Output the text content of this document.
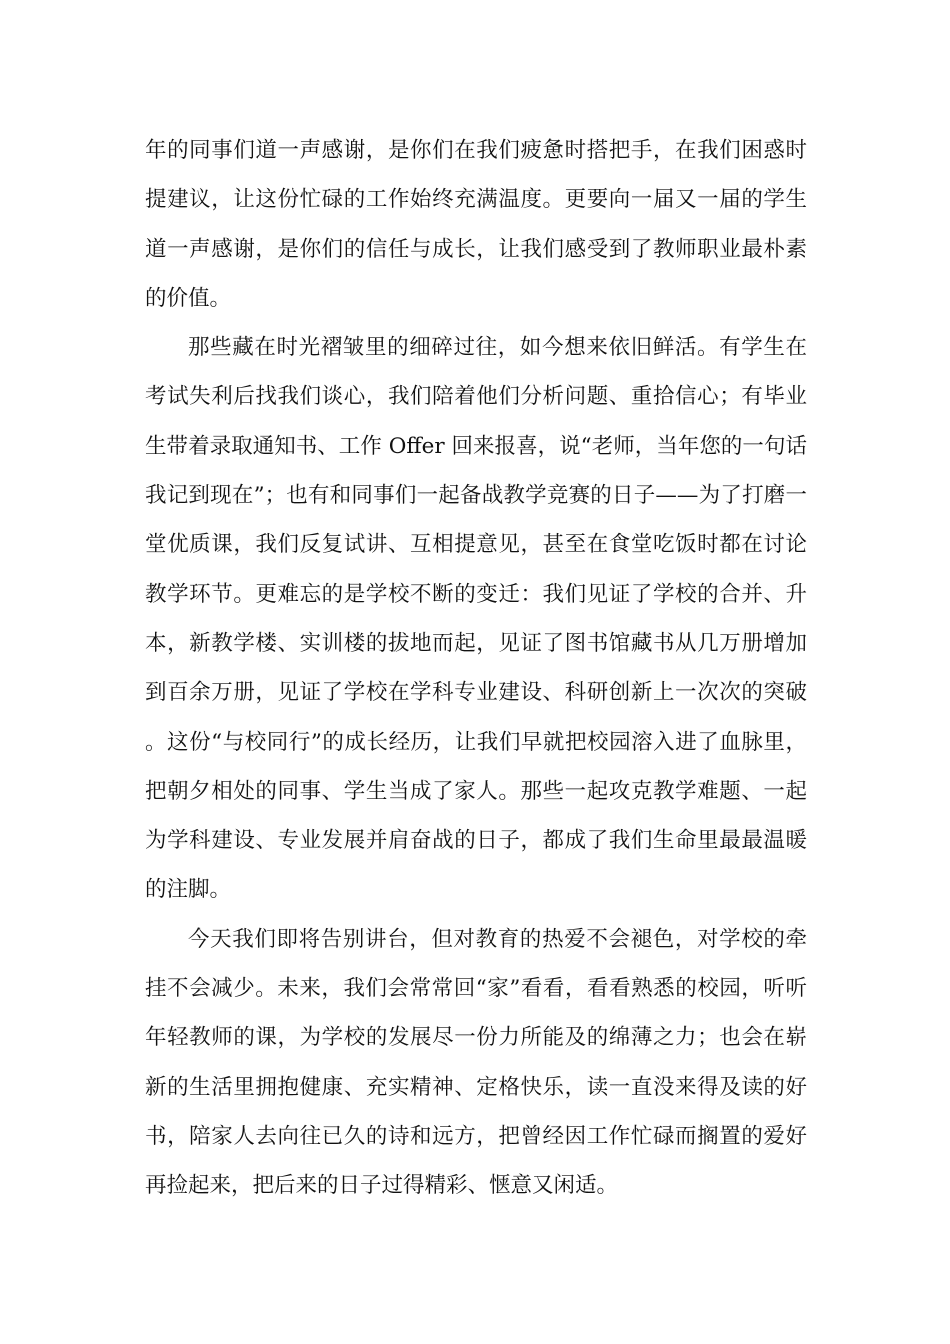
年的同事们道一声感谢，是你们在我们疲惫时搭把手，在我们困惑时提建议，让这份忙碌的工作始终充满温度。更要向一届又一届的学生道一声感谢，是你们的信任与成长，让我们感受到了教师职业最朴素的价值。

那些藏在时光褶皱里的细碎过往，如今想来依旧鲜活。有学生在考试失利后找我们谈心，我们陪着他们分析问题、重拾信心；有毕业生带着录取通知书、工作 Offer 回来报喜，说“老师，当年您的一句话我记到现在”；也有和同事们一起备战教学竞赛的日子——为了打磨一堂优质课，我们反复试讲、互相提意见，甚至在食堂吃饭时都在讨论教学环节。更难忘的是学校不断的变迁：我们见证了学校的合并、升本，新教学楼、实训楼的拔地而起，见证了图书馆藏书从几万册增加到百余万册，见证了学校在学科专业建设、科研创新上一次次的突破。这份“与校同行”的成长经历，让我们早就把校园溶入进了血脉里，把朝夕相处的同事、学生当成了家人。那些一起攻克教学难题、一起为学科建设、专业发展并肩奋战的日子，都成了我们生命里最最温暖的注脚。

今天我们即将告别讲台，但对教育的热爱不会褪色，对学校的牵挂不会减少。未来，我们会常常回“家”看看，看看熟悉的校园，听听年轻教师的课，为学校的发展尽一份力所能及的绵薄之力；也会在崭新的生活里拥抱健康、充实精神、定格快乐，读一直没来得及读的好书，陪家人去向往已久的诗和远方，把曾经因工作忙碌而搁置的爱好再捡起来，把后来的日子过得精彩、惬意又闲适。
